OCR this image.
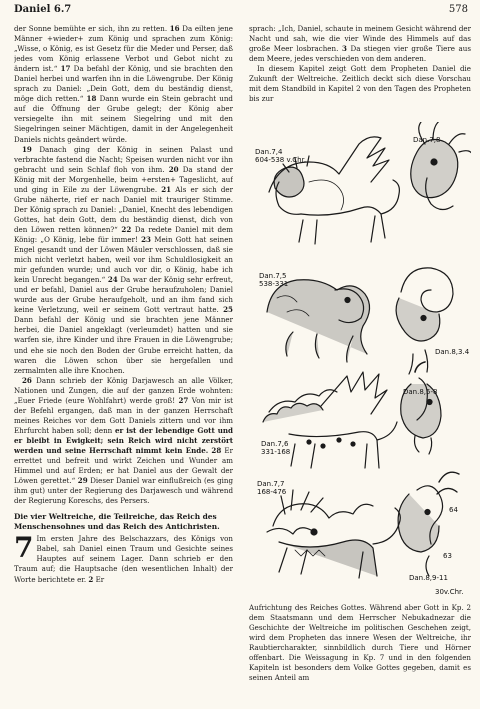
Daniel 6.7	578

der Sonne bemühte er sich, ihn zu retten. 16 Da eilten jene Männer +wieder+ zum König und sprachen zum König: „Wisse, o König, es ist Gesetz für die Meder und Perser, daß jedes vom König erlassene Verbot und Gebot nicht zu ändern ist.“ 17 Da befahl der König, und sie brachten den Daniel herbei und warfen ihn in die Löwengrube. Der König sprach zu Daniel: „Dein Gott, dem du beständig dienst, möge dich retten.“ 18 Dann wurde ein Stein gebracht und auf die Öffnung der Grube gelegt; der König aber versiegelte ihn mit seinem Siegelring und mit den Siegelringen seiner Mächtigen, damit in der Angelegenheit Daniels nichts geändert würde.

19 Danach ging der König in seinen Palast und verbrachte fastend die Nacht; Speisen wurden nicht vor ihn gebracht und sein Schlaf floh von ihm. 20 Da stand der König mit der Morgenhelle, beim +ersten+ Tageslicht, auf und ging in Eile zu der Löwengrube. 21 Als er sich der Grube näherte, rief er nach Daniel mit trauriger Stimme. Der König sprach zu Daniel: „Daniel, Knecht des lebendigen Gottes, hat dein Gott, dem du beständig dienst, dich von den Löwen retten können?“ 22 Da redete Daniel mit dem König: „O König, lebe für immer! 23 Mein Gott hat seinen Engel gesandt und der Löwen Mäuler verschlossen, daß sie mich nicht verletzt haben, weil vor ihm Schuldlosigkeit an mir gefunden wurde; und auch vor dir, o König, habe ich kein Unrecht begangen.“ 24 Da war der König sehr erfreut, und er befahl, Daniel aus der Grube heraufzuholen; Daniel wurde aus der Grube heraufgeholt, und an ihm fand sich keine Verletzung, weil er seinem Gott vertraut hatte. 25 Dann befahl der König und sie brachten jene Männer herbei, die Daniel angeklagt (verleumdet) hatten und sie warfen sie, ihre Kinder und ihre Frauen in die Löwengrube; und ehe sie noch den Boden der Grube erreicht hatten, da waren die Löwen schon über sie hergefallen und zermalmten alle ihre Knochen.

26 Dann schrieb der König Darjawesch an alle Völker, Nationen und Zungen, die auf der ganzen Erde wohnten: „Euer Friede (eure Wohlfahrt) werde groß! 27 Von mir ist der Befehl ergangen, daß man in der ganzen Herrschaft meines Reiches vor dem Gott Daniels zittern und vor ihm Ehrfurcht haben soll; denn er ist der lebendige Gott und er bleibt in Ewigkeit; sein Reich wird nicht zerstört werden und seine Herrschaft nimmt kein Ende. 28 Er errettet und befreit und wirkt Zeichen und Wunder am Himmel und auf Erden; er hat Daniel aus der Gewalt der Löwen gerettet.“ 29 Dieser Daniel war einflußreich (es ging ihm gut) unter der Regierung des Darjawesch und während der Regierung Koreschs, des Persers.

Die vier Weltreiche, die Teilreiche, das Reich des Menschensohnes und das Reich des Antichristen.

7 Im ersten Jahre des Belschazzars, des Königs von Babel, sah Daniel einen Traum und Gesichte seines Hauptes auf seinem Lager. Dann schrieb er den Traum auf; die Hauptsache (den wesentlichen Inhalt) der Worte berichtete er. 2 Er

sprach: „Ich, Daniel, schaute in meinem Gesicht während der Nacht und sah, wie die vier Winde des Himmels auf das große Meer losbrachen. 3 Da stiegen vier große Tiere aus dem Meere, jedes verschieden von dem anderen.

In diesem Kapitel zeigt Gott dem Propheten Daniel die Zukunft der Weltreiche. Zeitlich deckt sich diese Vorschau mit dem Standbild in Kapitel 2 von den Tagen des Propheten bis zur

Dan.7,4
604-538 v.Chr.
Dan.7,8
Dan.7,5
538-331
Dan.8,3.4
Dan.7,6
331-168
Dan.8,5-8
Dan.7,7
168-476
64
63
Dan.8,9-11
30v.Chr.

Aufrichtung des Reiches Gottes. Während aber Gott in Kp. 2 dem Staatsmann und dem Herrscher Nebukadnezar die Geschichte der Weltreiche im politischen Geschehen zeigt, wird dem Propheten das innere Wesen der Weltreiche, ihr Raubtiercharakter, sinnbildlich durch Tiere und Hörner offenbart. Die Weissagung in Kp. 7 und in den folgenden Kapiteln ist besonders dem Volke Gottes gegeben, damit es seinen Anteil am
